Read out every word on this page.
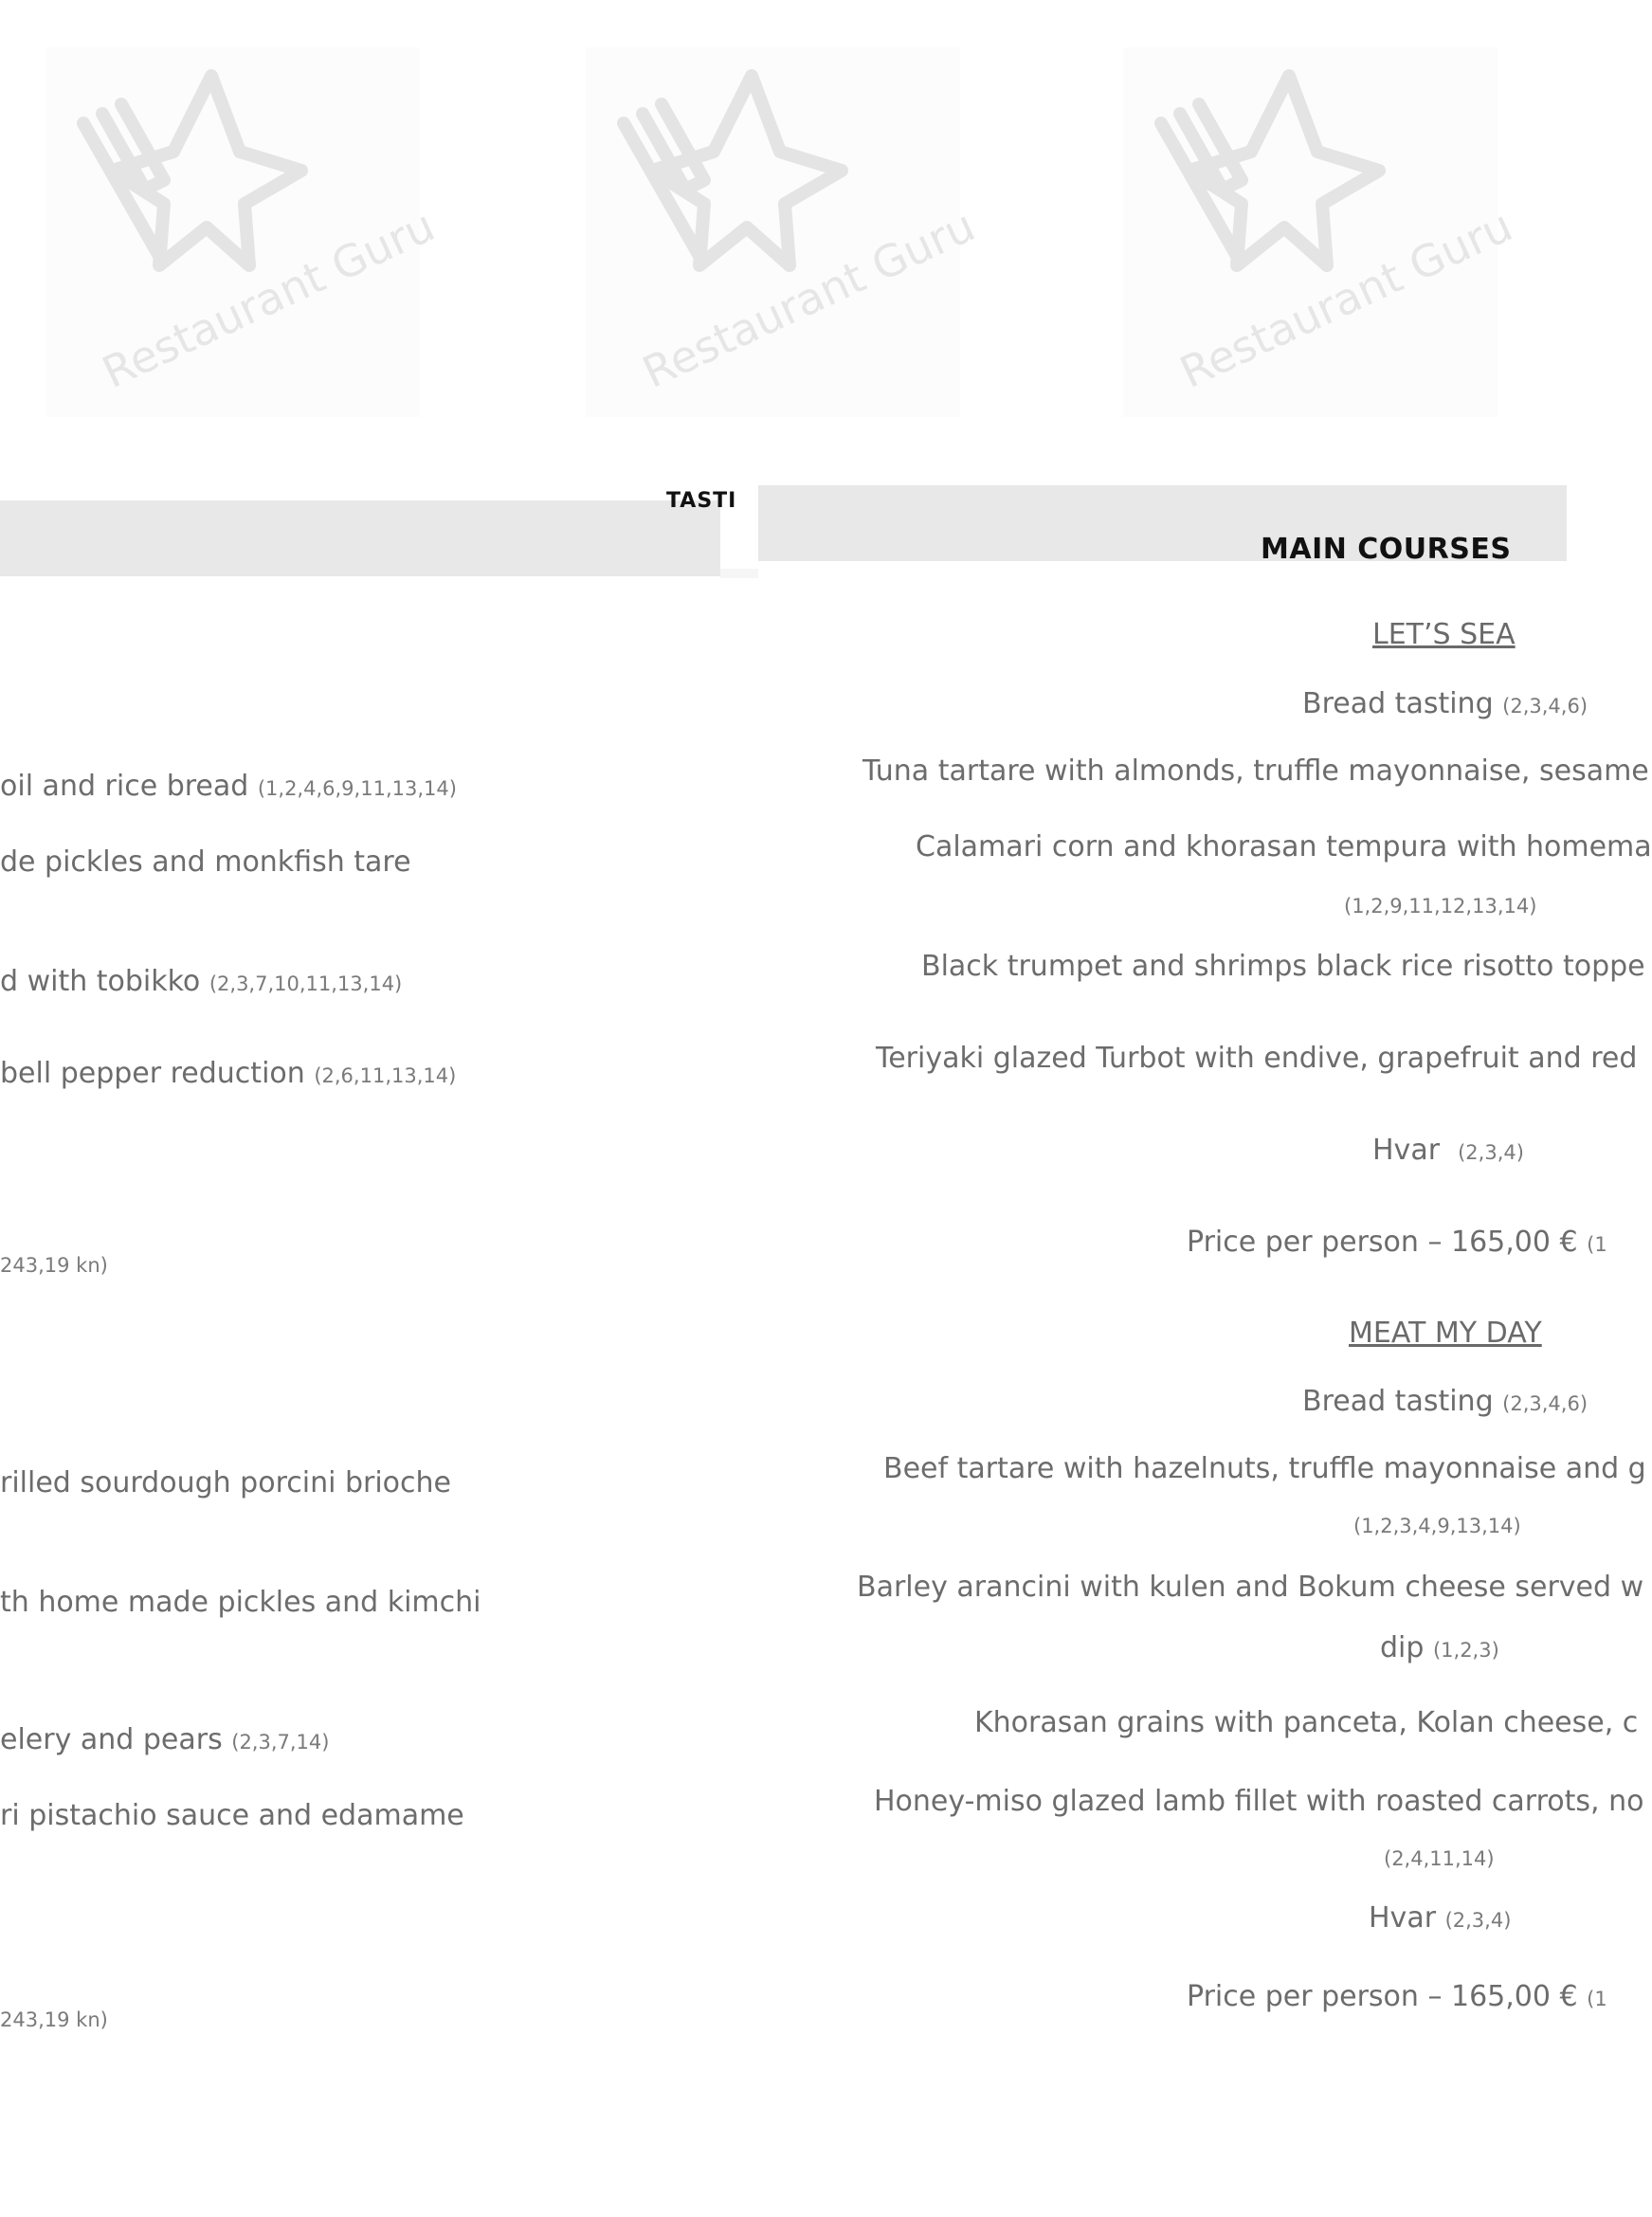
Restaurant Guru	Restaurant Guru	Restaurant Guru
TASTI
MAIN COURSES
oil and rice bread (1,2,4,6,9,11,13,14)
de pickles and monkfish tare
d with tobikko (2,3,7,10,11,13,14)
bell pepper reduction (2,6,11,13,14)
243,19 kn)
rilled sourdough porcini brioche
th home made pickles and kimchi
elery and pears (2,3,7,14)
ri pistachio sauce and edamame
243,19 kn)
LET’S SEA
Bread tasting (2,3,4,6)
Tuna tartare with almonds, truffle mayonnaise, sesame
Calamari corn and khorasan tempura with homema
(1,2,9,11,12,13,14)
Black trumpet and shrimps black rice risotto toppe
Teriyaki glazed Turbot with endive, grapefruit and red
Hvar (2,3,4)
Price per person – 165,00 € (1
MEAT MY DAY
Bread tasting (2,3,4,6)
Beef tartare with hazelnuts, truffle mayonnaise and g
(1,2,3,4,9,13,14)
Barley arancini with kulen and Bokum cheese served w
dip (1,2,3)
Khorasan grains with panceta, Kolan cheese, c
Honey-miso glazed lamb fillet with roasted carrots, no
(2,4,11,14)
Hvar (2,3,4)
Price per person – 165,00 € (1
